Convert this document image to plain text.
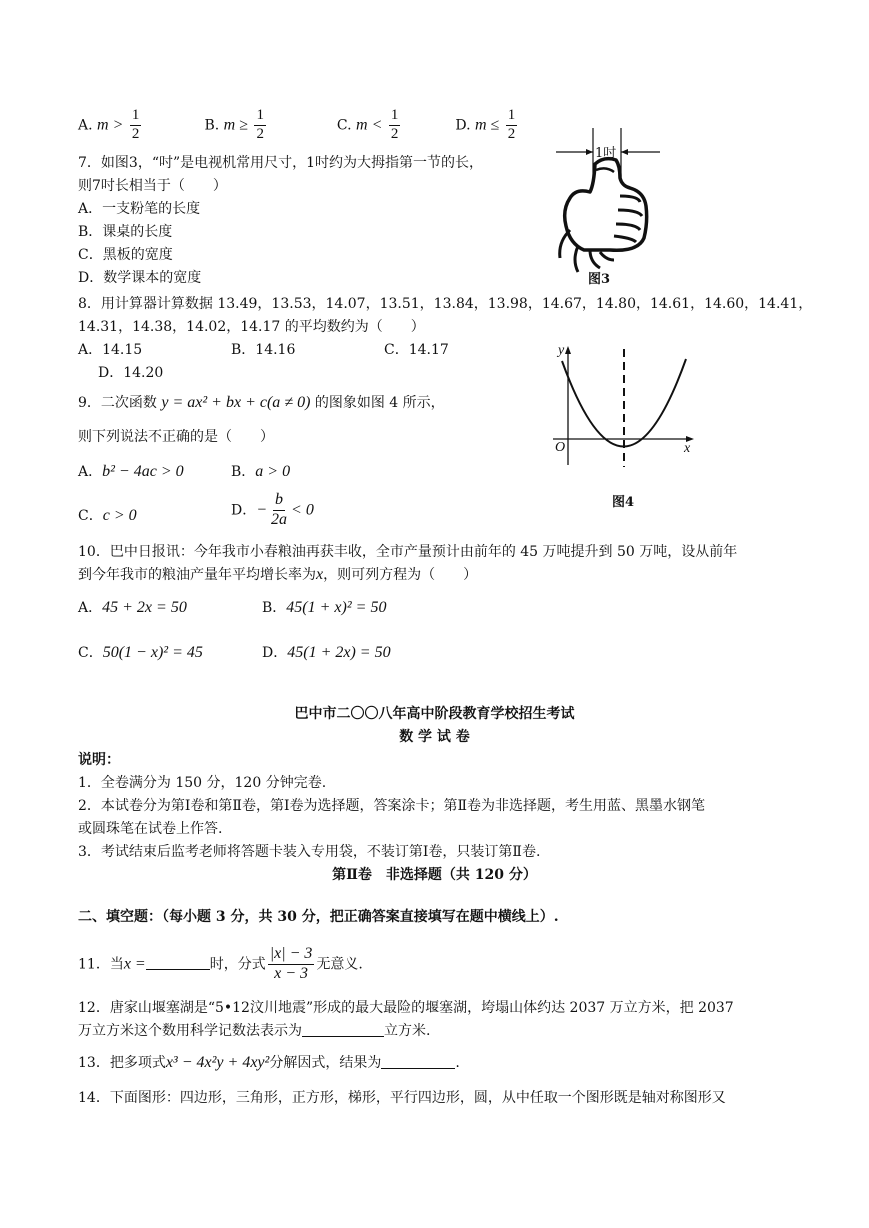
A. $m > \frac{1}{2}$	B. $m \ge \frac{1}{2}$	C. $m < \frac{1}{2}$	D. $m \le \frac{1}{2}$
7．如图3，“吋”是电视机常用尺寸，1吋约为大拇指第一节的长，
则7吋长相当于（　　）
A．一支粉笔的长度
B．课桌的长度
C．黑板的宽度
D．数学课本的宽度
1吋
图3
8．用计算器计算数据 13.49，13.53，14.07，13.51，13.84，13.98，14.67，14.80，14.61，14.60，14.41，
14.31，14.38，14.02，14.17 的平均数约为（　　）
A．14.15	B．14.16	C．14.17
D．14.20
9．二次函数 y = ax² + bx + c(a ≠ 0) 的图象如图 4 所示，
则下列说法不正确的是（　　）
A．b² − 4ac > 0	B．a > 0
C．c > 0	D．− $\frac{b}{2a} < 0$
y
x
O
图4
10．巴中日报讯：今年我市小春粮油再获丰收，全市产量预计由前年的 45 万吨提升到 50 万吨，设从前年
到今年我市的粮油产量年平均增长率为x，则可列方程为（　　）
A．45 + 2x = 50	B．45(1 + x)² = 50
C．50(1 − x)² = 45	D．45(1 + 2x) = 50
巴中市二〇〇八年高中阶段教育学校招生考试
数 学 试 卷
说明：
1．全卷满分为 150 分，120 分钟完卷.
2．本试卷分为第Ⅰ卷和第Ⅱ卷，第Ⅰ卷为选择题，答案涂卡；第Ⅱ卷为非选择题，考生用蓝、黑墨水钢笔
或圆珠笔在试卷上作答.
3．考试结束后监考老师将答题卡装入专用袋，不装订第Ⅰ卷，只装订第Ⅱ卷.
第Ⅱ卷　非选择题（共 120 分）
二、填空题：（每小题 3 分，共 30 分，把正确答案直接填写在题中横线上）.
11．当x =	时，分式 $\frac{|x| - 3}{x - 3}$ 无意义.
12．唐家山堰塞湖是“5•12汶川地震”形成的最大最险的堰塞湖，垮塌山体约达 2037 万立方米，把 2037
万立方米这个数用科学记数法表示为	立方米.
13．把多项式x³ − 4x²y + 4xy²分解因式，结果为	.
14．下面图形：四边形，三角形，正方形，梯形，平行四边形，圆，从中任取一个图形既是轴对称图形又
